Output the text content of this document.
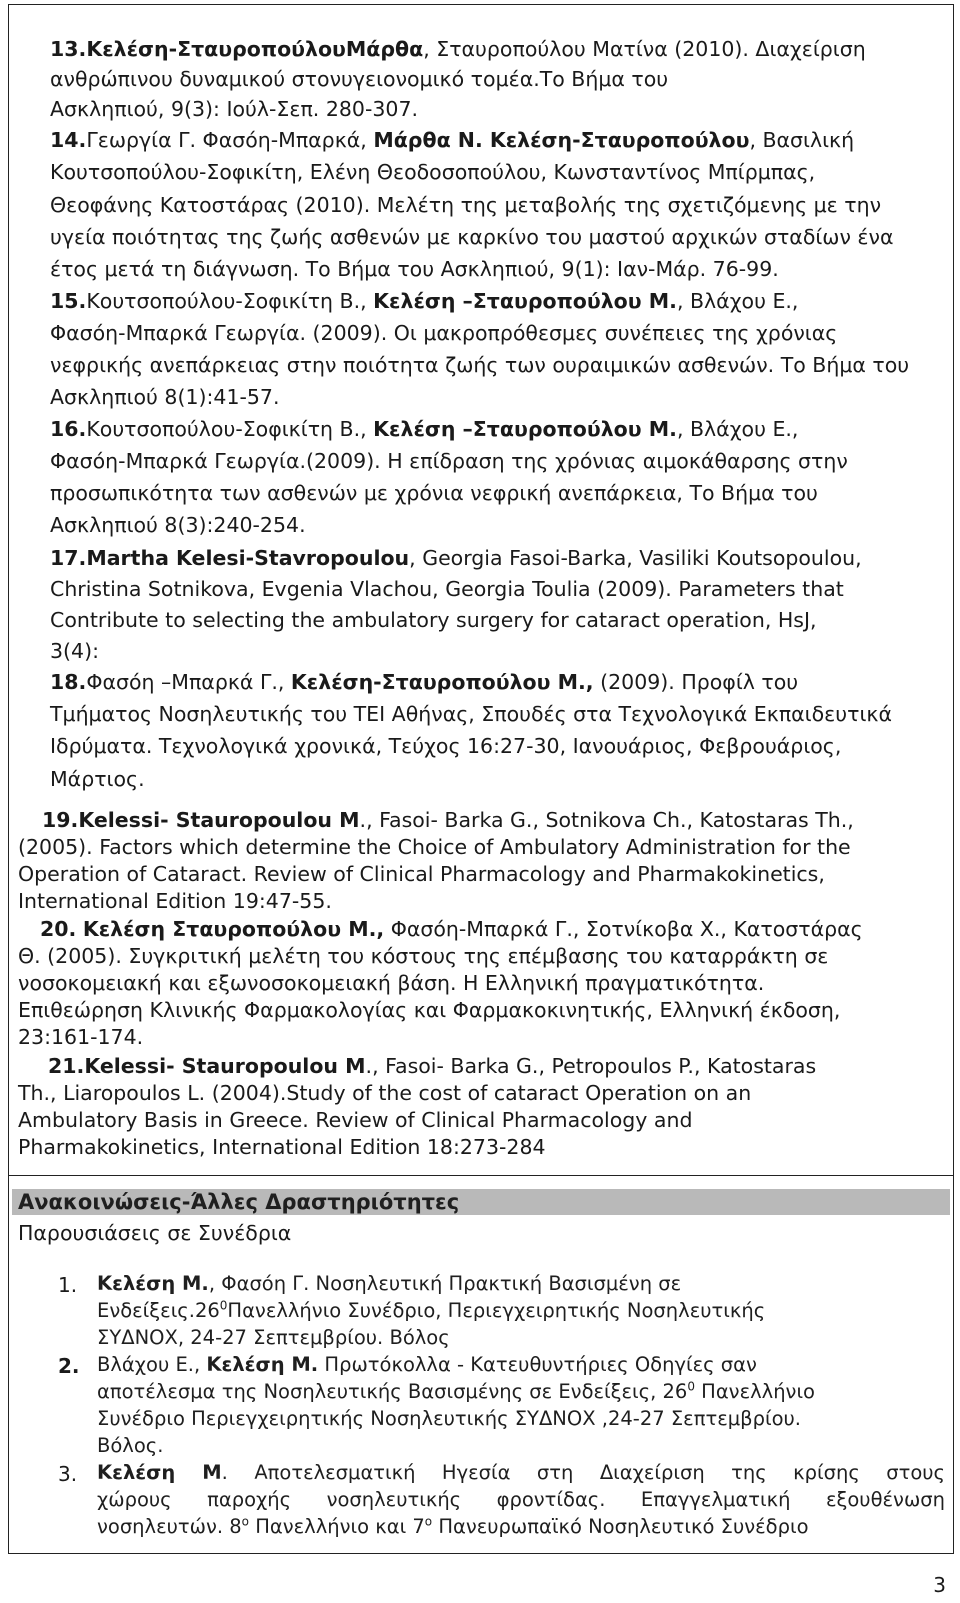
13.Κελέση-ΣταυροπούλουΜάρθα, Σταυροπούλου Ματίνα (2010). Διαχείριση
ανθρώπινου δυναμικού στονυγειονομικό τομέα.Το Βήμα του
Ασκληπιού, 9(3): Ιούλ-Σεπ. 280-307.
14.Γεωργία Γ. Φασόη-Μπαρκά, Μάρθα Ν. Κελέση-Σταυροπούλου, Βασιλική
Κουτσοπούλου-Σοφικίτη, Ελένη Θεοδοσοπούλου, Κωνσταντίνος Μπίρμπας,
Θεοφάνης Κατοστάρας (2010). Μελέτη της μεταβολής της σχετιζόμενης με την
υγεία ποιότητας της ζωής ασθενών με καρκίνο του μαστού αρχικών σταδίων ένα
έτος μετά τη διάγνωση. Το Βήμα του Ασκληπιού, 9(1): Ιαν-Μάρ. 76-99.
15.Κουτσοπούλου-Σοφικίτη Β., Κελέση –Σταυροπούλου Μ., Βλάχου Ε.,
Φασόη-Μπαρκά Γεωργία. (2009). Οι μακροπρόθεσμες συνέπειες της χρόνιας
νεφρικής ανεπάρκειας στην ποιότητα ζωής των ουραιμικών ασθενών. Το Βήμα του
Ασκληπιού 8(1):41-57.
16.Κουτσοπούλου-Σοφικίτη Β., Κελέση –Σταυροπούλου Μ., Βλάχου Ε.,
Φασόη-Μπαρκά Γεωργία.(2009). Η επίδραση της χρόνιας αιμοκάθαρσης στην
προσωπικότητα των ασθενών με χρόνια νεφρική ανεπάρκεια, Το Βήμα του
Ασκληπιού 8(3):240-254.
17.Martha Kelesi-Stavropoulou, Georgia Fasoi-Barka, Vasiliki Koutsopoulou,
Christina Sotnikova, Evgenia Vlachou, Georgia Toulia (2009). Parameters that
Contribute to selecting the ambulatory surgery for cataract operation, HsJ,
3(4):
18.Φασόη –Μπαρκά Γ., Κελέση-Σταυροπούλου Μ., (2009). Προφίλ του
Τμήματος Νοσηλευτικής του ΤΕΙ Αθήνας, Σπουδές στα Τεχνολογικά Εκπαιδευτικά
Ιδρύματα. Τεχνολογικά χρονικά, Τεύχος 16:27-30, Ιανουάριος, Φεβρουάριος,
Μάρτιος.
19.Kelessi- Stauropoulou M., Fasoi- Barka G., Sotnikova Ch., Katostaras Th.,
(2005). Factors which determine the Choice of Ambulatory Administration for the
Operation of Cataract. Review of Clinical Pharmacology and Pharmakokinetics,
International Edition 19:47-55.
20. Κελέση Σταυροπούλου Μ., Φασόη-Μπαρκά Γ., Σοτνίκοβα Χ., Κατοστάρας
Θ. (2005). Συγκριτική μελέτη του κόστους της επέμβασης του καταρράκτη σε
νοσοκομειακή και εξωνοσοκομειακή βάση. Η Ελληνική πραγματικότητα.
Επιθεώρηση Κλινικής Φαρμακολογίας και Φαρμακοκινητικής, Ελληνική έκδοση,
23:161-174.
21.Kelessi- Stauropoulou M., Fasoi- Barka G., Petropoulos P., Katostaras
Th., Liaropoulos L. (2004).Study of the cost of cataract Operation on an
Ambulatory Basis in Greece. Review of Clinical Pharmacology and
Pharmakokinetics, International Edition 18:273-284
Ανακοινώσεις-Άλλες Δραστηριότητες
Παρουσιάσεις σε Συνέδρια
1. Κελέση Μ., Φασόη Γ. Νοσηλευτική Πρακτική Βασισμένη σε
$E\nu\delta\varepsilon ί\xi\varepsilon\iota\varsigma.26^0\Pi\alpha\nu\varepsilon\lambda\lambda ή\nu\iota o$ Συνέδριο, Περιεγχειρητικής Νοσηλευτικής
ΣΥΔΝΟΧ, 24-27 Σεπτεμβρίου. Βόλος
2. Βλάχου Ε., Κελέση Μ. Πρωτόκολλα - Κατευθυντήριες Οδηγίες σαν
αποτέλεσμα της Νοσηλευτικής Βασισμένης σε Ενδείξεις, $26^0$ Πανελλήνιο
Συνέδριο Περιεγχειρητικής Νοσηλευτικής ΣΥΔΝΟΧ ,24-27 Σεπτεμβρίου.
Βόλος.
3. Κελέση Μ. Αποτελεσματική Ηγεσία στη Διαχείριση της κρίσης στους
χώρους παροχής νοσηλευτικής φροντίδας. Επαγγελματική εξουθένωση
νοσηλευτών. $8^o$ Πανελλήνιο και $7^o$ Πανευρωπαϊκό Νοσηλευτικό Συνέδριο
3
